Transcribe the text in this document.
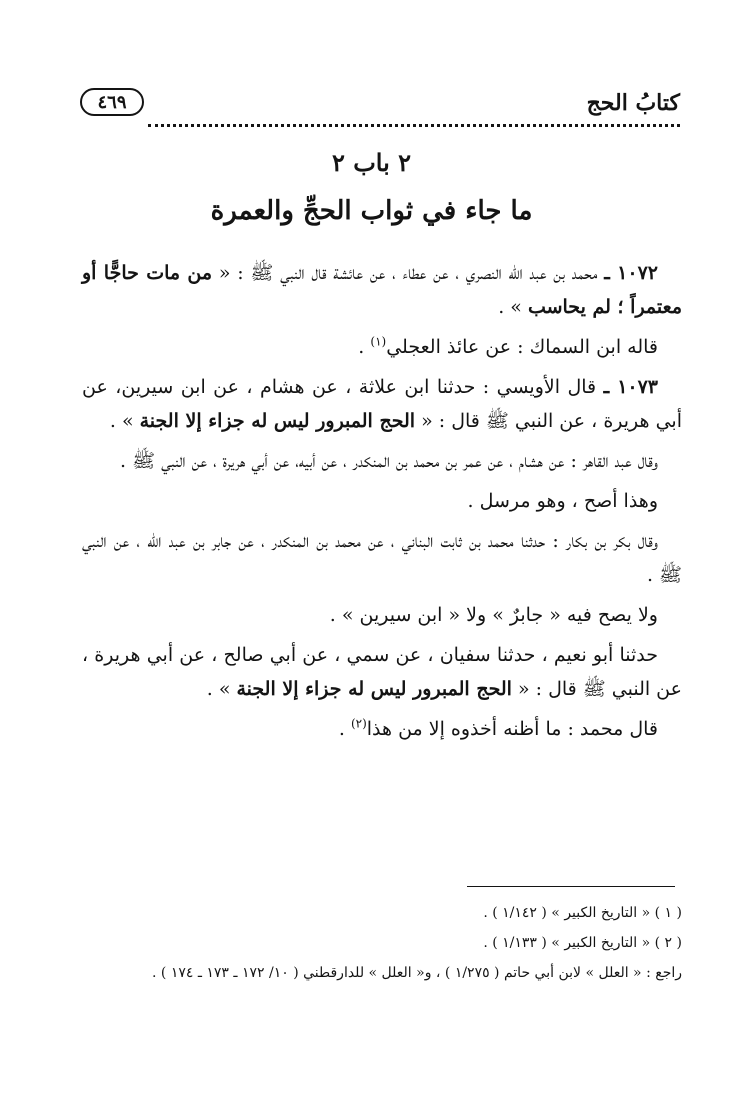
كتابُ الحج
٤٦٩
٢ باب ٢
ما جاء في ثواب الحجِّ والعمرة

١٠٧٢ ـ محمد بن عبد الله النصري ، عن عطاء ، عن عائشة قال النبي ﷺ : « من مات حاجًّا أو معتمراً ؛ لم يحاسب » .

قاله ابن السماك : عن عائذ العجلي$^{(١)}$ .

١٠٧٣ ـ قال الأويسي : حدثنا ابن علاثة ، عن هشام ، عن ابن سيرين، عن أبي هريرة ، عن النبي ﷺ قال : « الحج المبرور ليس له جزاء إلا الجنة » .

وقال عبد القاهر : عن هشام ، عن عمر بن محمد بن المنكدر ، عن أبيه، عن أبي هريرة ، عن النبي ﷺ .

وهذا أصح ، وهو مرسل .

وقال بكر بن بكار : حدثنا محمد بن ثابت البناني ، عن محمد بن المنكدر ، عن جابر بن عبد الله ، عن النبي ﷺ .

ولا يصح فيه « جابرٌ » ولا « ابن سيرين » .

حدثنا أبو نعيم ، حدثنا سفيان ، عن سمي ، عن أبي صالح ، عن أبي هريرة ، عن النبي ﷺ قال : « الحج المبرور ليس له جزاء إلا الجنة » .

قال محمد : ما أظنه أخذوه إلا من هذا$^{(٢)}$ .

( ١ ) « التاريخ الكبير » ( ١/١٤٢ ) .

( ٢ ) « التاريخ الكبير » ( ١/١٣٣ ) .

راجع : « العلل » لابن أبي حاتم ( ١/٢٧٥ ) ، و« العلل » للدارقطني ( ١٠/ ١٧٢ ـ ١٧٣ ـ ١٧٤ ) .
